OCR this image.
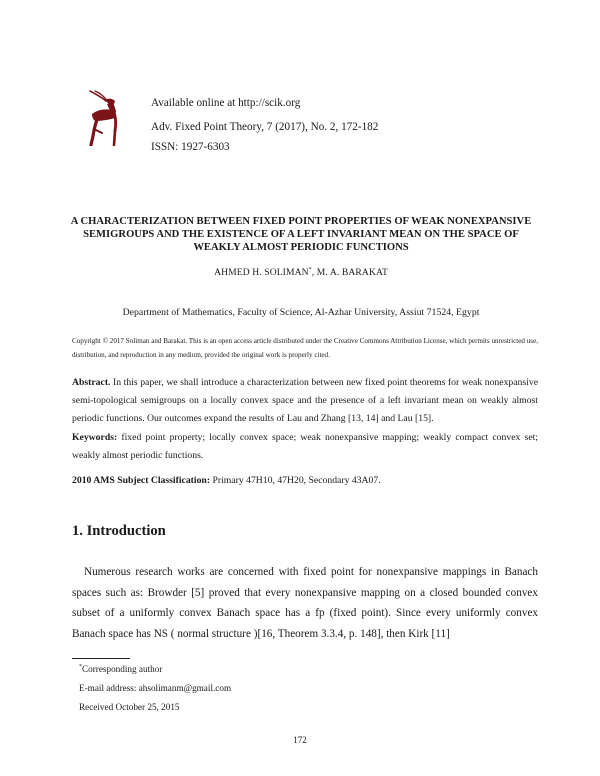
Available online at http://scik.org
Adv. Fixed Point Theory, 7 (2017), No. 2, 172-182
ISSN: 1927-6303
A CHARACTERIZATION BETWEEN FIXED POINT PROPERTIES OF WEAK NONEXPANSIVE SEMIGROUPS AND THE EXISTENCE OF A LEFT INVARIANT MEAN ON THE SPACE OF WEAKLY ALMOST PERIODIC FUNCTIONS
AHMED H. SOLIMAN*, M. A. BARAKAT
Department of Mathematics, Faculty of Science, Al-Azhar University, Assiut 71524, Egypt
Copyright © 2017 Soliman and Barakat. This is an open access article distributed under the Creative Commons Attribution License, which permits unrestricted use, distribution, and reproduction in any medium, provided the original work is properly cited.
Abstract. In this paper, we shall introduce a characterization between new fixed point theorems for weak nonexpansive semi-topological semigroups on a locally convex space and the presence of a left invariant mean on weakly almost periodic functions. Our outcomes expand the results of Lau and Zhang [13, 14] and Lau [15].
Keywords: fixed point property; locally convex space; weak nonexpansive mapping; weakly compact convex set; weakly almost periodic functions.
2010 AMS Subject Classification: Primary 47H10, 47H20, Secondary 43A07.
1. Introduction
Numerous research works are concerned with fixed point for nonexpansive mappings in Banach spaces such as: Browder [5] proved that every nonexpansive mapping on a closed bounded convex subset of a uniformly convex Banach space has a fp (fixed point). Since every uniformly convex Banach space has NS ( normal structure )[16, Theorem 3.3.4, p. 148], then Kirk [11]
*Corresponding author
E-mail address: ahsolimanm@gmail.com
Received October 25, 2015
172
